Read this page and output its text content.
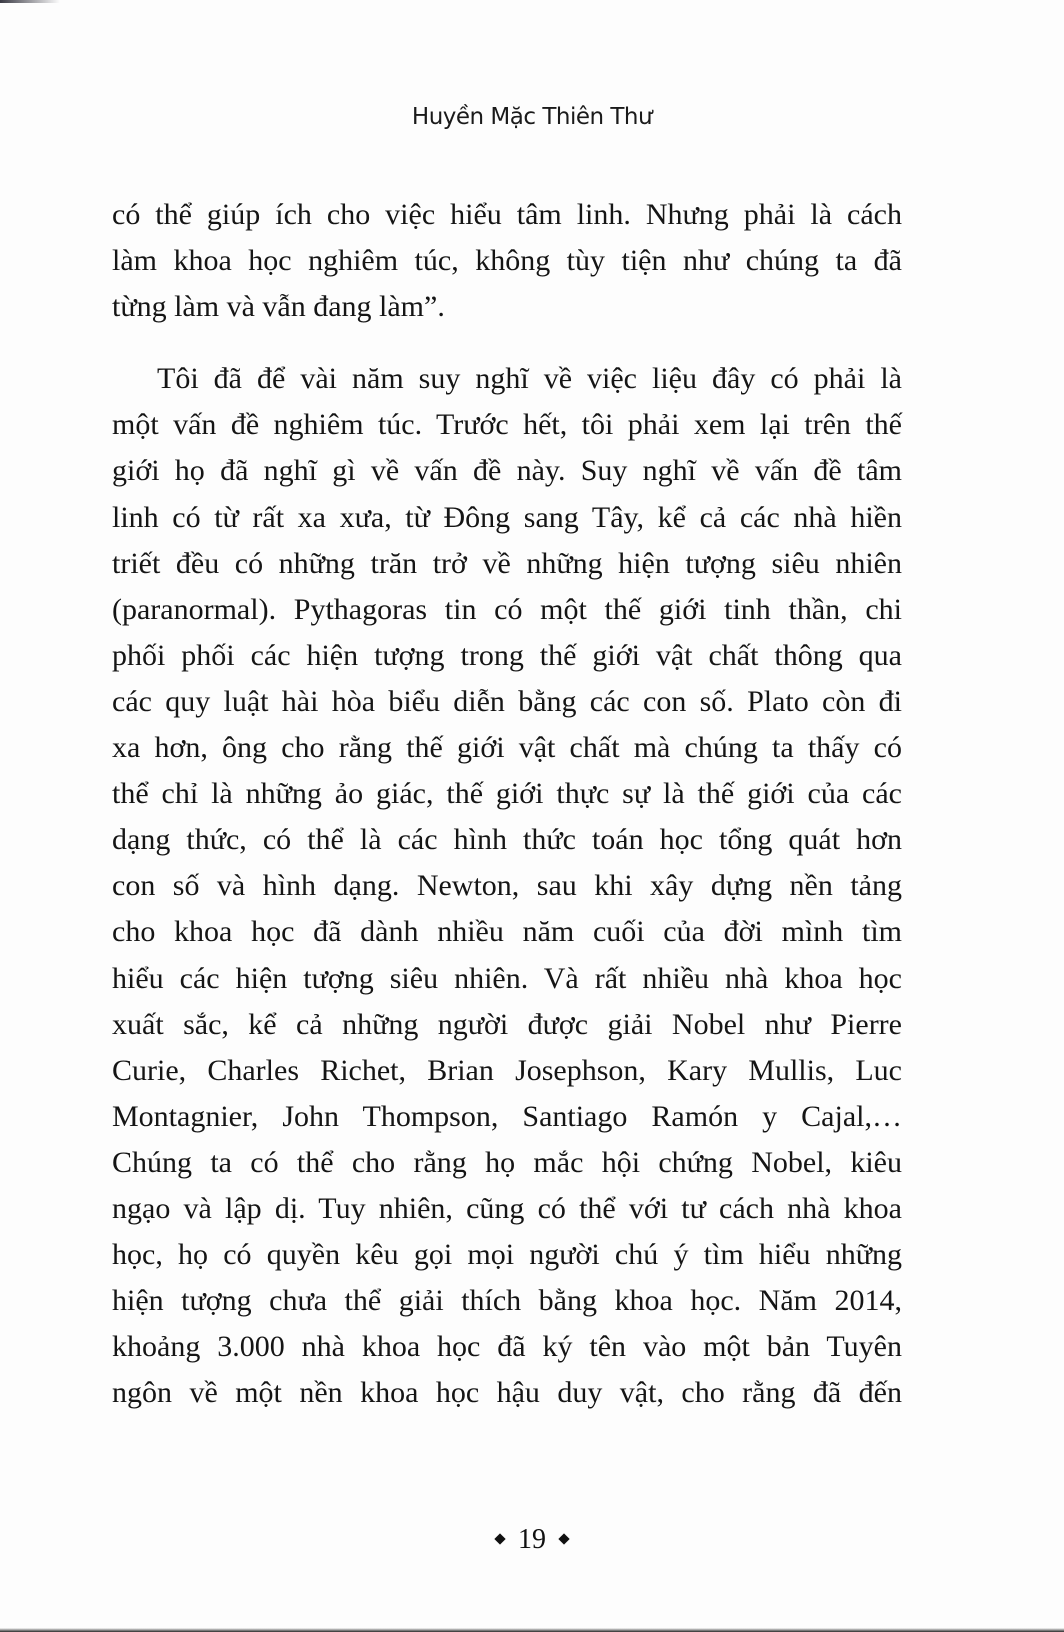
Huyền Mặc Thiên Thư
có thể giúp ích cho việc hiểu tâm linh. Nhưng phải là cách
làm khoa học nghiêm túc, không tùy tiện như chúng ta đã
từng làm và vẫn đang làm”.
Tôi đã để vài năm suy nghĩ về việc liệu đây có phải là
một vấn đề nghiêm túc. Trước hết, tôi phải xem lại trên thế
giới họ đã nghĩ gì về vấn đề này. Suy nghĩ về vấn đề tâm
linh có từ rất xa xưa, từ Đông sang Tây, kể cả các nhà hiền
triết đều có những trăn trở về những hiện tượng siêu nhiên
(paranormal). Pythagoras tin có một thế giới tinh thần, chi
phối phối các hiện tượng trong thế giới vật chất thông qua
các quy luật hài hòa biểu diễn bằng các con số. Plato còn đi
xa hơn, ông cho rằng thế giới vật chất mà chúng ta thấy có
thể chỉ là những ảo giác, thế giới thực sự là thế giới của các
dạng thức, có thể là các hình thức toán học tổng quát hơn
con số và hình dạng. Newton, sau khi xây dựng nền tảng
cho khoa học đã dành nhiều năm cuối của đời mình tìm
hiểu các hiện tượng siêu nhiên. Và rất nhiều nhà khoa học
xuất sắc, kể cả những người được giải Nobel như Pierre
Curie, Charles Richet, Brian Josephson, Kary Mullis, Luc
Montagnier, John Thompson, Santiago Ramón y Cajal,…
Chúng ta có thể cho rằng họ mắc hội chứng Nobel, kiêu
ngạo và lập dị. Tuy nhiên, cũng có thể với tư cách nhà khoa
học, họ có quyền kêu gọi mọi người chú ý tìm hiểu những
hiện tượng chưa thể giải thích bằng khoa học. Năm 2014,
khoảng 3.000 nhà khoa học đã ký tên vào một bản Tuyên
ngôn về một nền khoa học hậu duy vật, cho rằng đã đến
19
